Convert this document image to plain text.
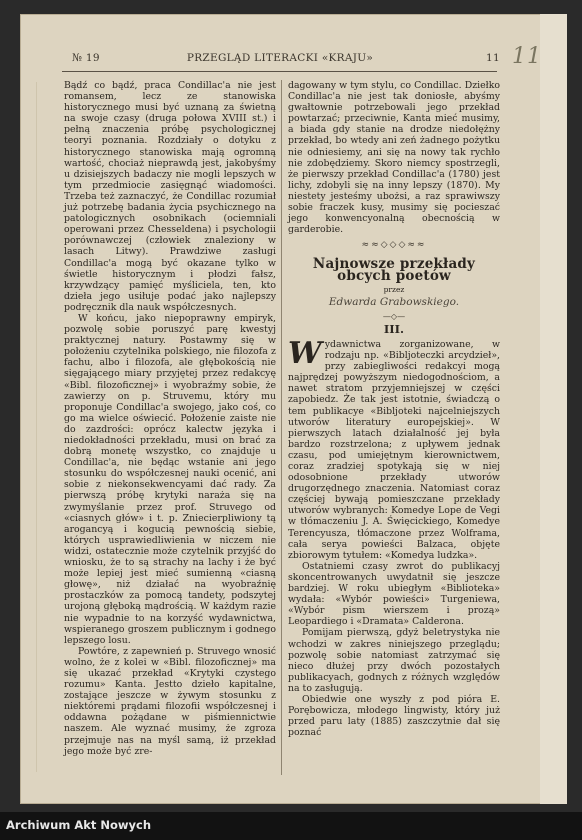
№ 19	PRZEGLĄD LITERACKI «KRAJU»	11 11

Bądź co bądź, praca Condillac'a nie jest romansem, lecz ze stanowiska historycznego musi być uznaną za świetną na swoje czasy (druga połowa XVIII st.) i pełną znaczenia próbę psychologicznej teoryi poznania. Rozdziały o dotyku z historycznego stanowiska mają ogromną wartość, chociaż nieprawdą jest, jakobyśmy u dzisiejszych badaczy nie mogli lepszych w tym przedmiocie zasięgnąć wiadomości. Trzeba też zaznaczyć, że Condillac rozumiał już potrzebę badania życia psychicznego na patologicznych osobnikach (ociemniali operowani przez Chesseldena) i psychologii porównawczej (człowiek znaleziony w lasach Litwy). Prawdziwe zasługi Condillac'a mogą być okazane tylko w świetle historycznym i płodzi fałsz, krzywdzący pamięć myśliciela, ten, kto dzieła jego usiłuje podać jako najlepszy podręcznik dla nauk współczesnych.

W końcu, jako niepoprawny empiryk, pozwolę sobie poruszyć parę kwestyj praktycznej natury. Postawmy się w położeniu czytelnika polskiego, nie filozofa z fachu, albo i filozofa, ale głębokością nie sięgającego miary przyjętej przez redakcyę «Bibl. filozoficznej» i wyobraźmy sobie, że zawierzy on p. Struvemu, który mu proponuje Condillac'a swojego, jako coś, co go ma wielce oświecić. Położenie zaiste nie do zazdrości: oprócz kalectw języka i niedokładności przekładu, musi on brać za dobrą monetę wszystko, co znajduje u Condillac'a, nie będąc wstanie ani jego stosunku do współczesnej nauki ocenić, ani sobie z niekonsekwencyami dać rady. Za pierwszą próbę krytyki naraża się na zwymyślanie przez prof. Struvego od «ciasnych głów» i t. p. Zniecierpliwiony tą arogancyą i kogucią pewnością siebie, których usprawiedliwienia w niczem nie widzi, ostatecznie może czytelnik przyjść do wniosku, że to są strachy na lachy i że być może lepiej jest mieć sumienną «ciasną głowę», niż działać na wyobraźnię prostaczków za pomocą tandety, podszytej urojoną głęboką mądrością. W każdym razie nie wypadnie to na korzyść wydawnictwa, wspieranego groszem publicznym i godnego lepszego losu.

Powtóre, z zapewnień p. Struvego wnosić wolno, że z kolei w «Bibl. filozoficznej» ma się ukazać przekład «Krytyki czystego rozumu» Kanta. Jestto dzieło kapitalne, zostające jeszcze w żywym stosunku z niektóremi prądami filozofii współczesnej i oddawna pożądane w piśmiennictwie naszem. Ale wyznać musimy, że zgroza przejmuje nas na myśl samą, iż przekład jego może być zre-

dagowany w tym stylu, co Condillac. Dziełko Condillac'a nie jest tak doniosłe, abyśmy gwałtownie potrzebowali jego przekład powtarzać; przeciwnie, Kanta mieć musimy, a biada gdy stanie na drodze niedołężny przekład, bo wtedy ani zeń żadnego pożytku nie odniesiemy, ani się na nowy tak rychło nie zdobędziemy. Skoro niemcy spostrzegli, że pierwszy przekład Condillac'a (1780) jest lichy, zdobyli się na inny lepszy (1870). My niestety jesteśmy ubożsi, a raz sprawiwszy sobie fraczek kusy, musimy się pocieszać jego konwencyonalną obecnością w garderobie.

≈≈◇◇◇≈≈
Najnowsze przekłady obcych poetów
przez
Edwarda Grabowskiego.
—◇—
III.

Wydawnictwa zorganizowane, w rodzaju np. «Bibljoteczki arcydzieł», przy zabiegliwości redakcyi mogą najprędzej powyższym niedogodnościom, a nawet stratom przyjemniejszej w części zapobiedz. Że tak jest istotnie, świadczą o tem publikacye «Bibljoteki najcelniejszych utworów literatury europejskiej». W pierwszych latach działalność jej była bardzo rozstrzelona; z upływem jednak czasu, pod umiejętnym kierownictwem, coraz zradziej spotykają się w niej odosobnione przekłady utworów drugorzędnego znaczenia. Natomiast coraz częściej bywają pomieszczane przekłady utworów wybranych: Komedye Lope de Vegi w tłómaczeniu J. A. Święcickiego, Komedye Terencyusza, tłómaczone przez Wolframa, cała serya powieści Balzaca, objęte zbiorowym tytułem: «Komedya ludzka».

Ostatniemi czasy zwrot do publikacyj skoncentrowanych uwydatnił się jeszcze bardziej. W roku ubiegłym «Biblioteka» wydała: «Wybór powieści» Turgeniewa, «Wybór pism wierszem i prozą» Leopardiego i «Dramata» Calderona.

Pomijam pierwszą, gdyż beletrystyka nie wchodzi w zakres niniejszego przeglądu; pozwolę sobie natomiast zatrzymać się nieco dłużej przy dwóch pozostałych publikacyach, godnych z różnych względów na to zasługują.

Obiedwie one wyszły z pod pióra E. Porębowicza, młodego lingwisty, który już przed paru laty (1885) zaszczytnie dał się poznać

Archiwum Akt Nowych
